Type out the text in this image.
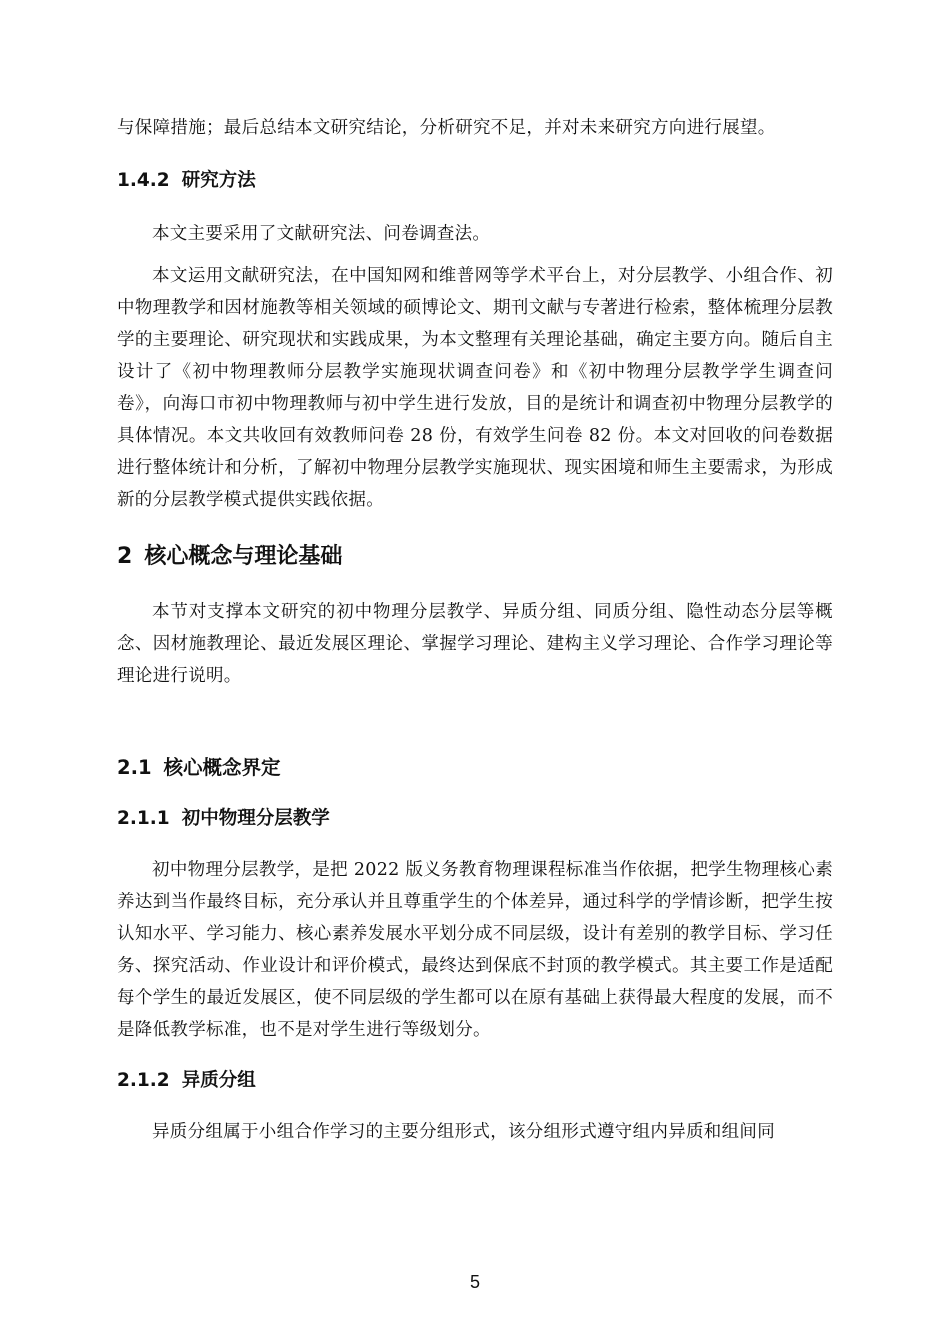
与保障措施；最后总结本文研究结论，分析研究不足，并对未来研究方向进行展望。

1.4.2 研究方法

本文主要采用了文献研究法、问卷调查法。

本文运用文献研究法，在中国知网和维普网等学术平台上，对分层教学、小组合作、初中物理教学和因材施教等相关领域的硕博论文、期刊文献与专著进行检索，整体梳理分层教学的主要理论、研究现状和实践成果，为本文整理有关理论基础，确定主要方向。随后自主设计了《初中物理教师分层教学实施现状调查问卷》和《初中物理分层教学学生调查问卷》，向海口市初中物理教师与初中学生进行发放，目的是统计和调查初中物理分层教学的具体情况。本文共收回有效教师问卷 28 份，有效学生问卷 82 份。本文对回收的问卷数据进行整体统计和分析，了解初中物理分层教学实施现状、现实困境和师生主要需求，为形成新的分层教学模式提供实践依据。

2 核心概念与理论基础

本节对支撑本文研究的初中物理分层教学、异质分组、同质分组、隐性动态分层等概念、因材施教理论、最近发展区理论、掌握学习理论、建构主义学习理论、合作学习理论等理论进行说明。

2.1 核心概念界定
2.1.1 初中物理分层教学

初中物理分层教学，是把 2022 版义务教育物理课程标准当作依据，把学生物理核心素养达到当作最终目标，充分承认并且尊重学生的个体差异，通过科学的学情诊断，把学生按认知水平、学习能力、核心素养发展水平划分成不同层级，设计有差别的教学目标、学习任务、探究活动、作业设计和评价模式，最终达到保底不封顶的教学模式。其主要工作是适配每个学生的最近发展区，使不同层级的学生都可以在原有基础上获得最大程度的发展，而不是降低教学标准，也不是对学生进行等级划分。

2.1.2 异质分组

异质分组属于小组合作学习的主要分组形式，该分组形式遵守组内异质和组间同

5
